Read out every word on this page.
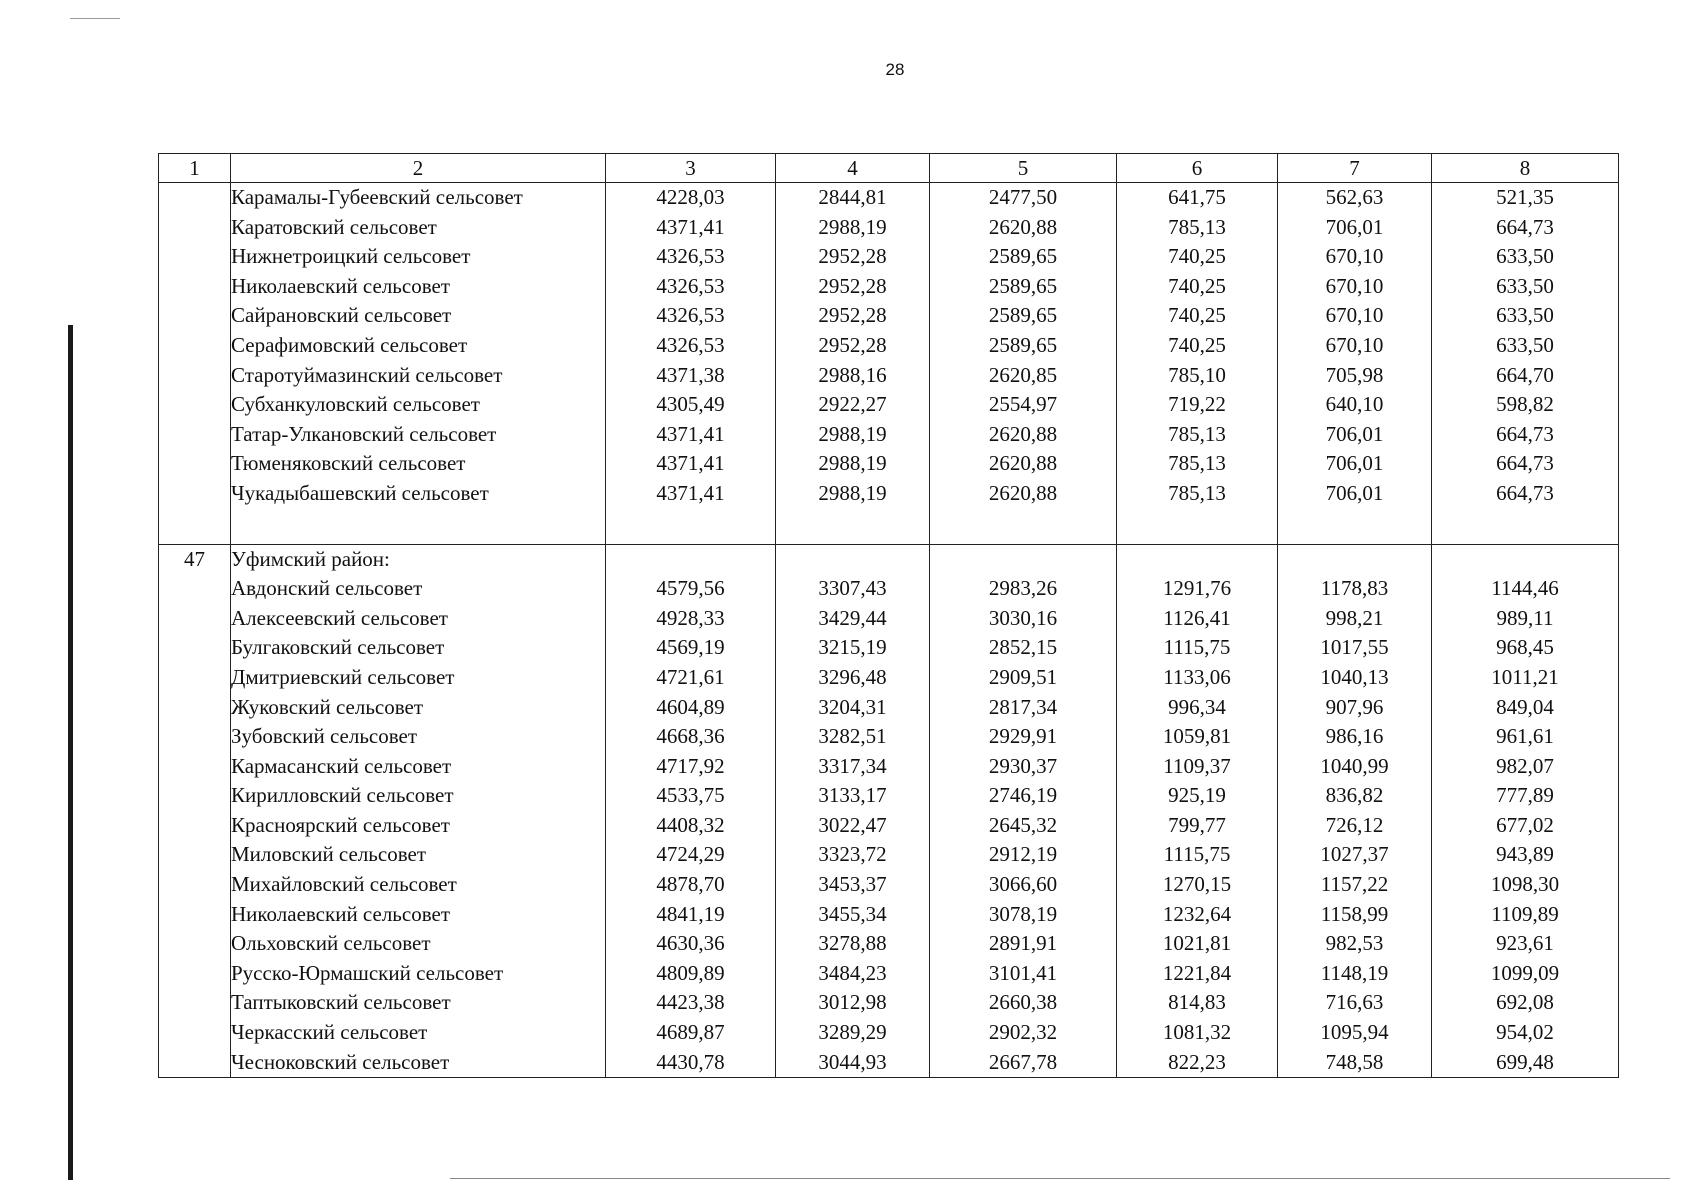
28
1	2	3	4	5	6	7	8
	Карамалы-Губеевский сельсовет	4228,03	2844,81	2477,50	641,75	562,63	521,35
	Каратовский сельсовет	4371,41	2988,19	2620,88	785,13	706,01	664,73
	Нижнетроицкий сельсовет	4326,53	2952,28	2589,65	740,25	670,10	633,50
	Николаевский сельсовет	4326,53	2952,28	2589,65	740,25	670,10	633,50
	Сайрановский сельсовет	4326,53	2952,28	2589,65	740,25	670,10	633,50
	Серафимовский сельсовет	4326,53	2952,28	2589,65	740,25	670,10	633,50
	Старотуймазинский сельсовет	4371,38	2988,16	2620,85	785,10	705,98	664,70
	Субханкуловский сельсовет	4305,49	2922,27	2554,97	719,22	640,10	598,82
	Татар-Улкановский сельсовет	4371,41	2988,19	2620,88	785,13	706,01	664,73
	Тюменяковский сельсовет	4371,41	2988,19	2620,88	785,13	706,01	664,73
	Чукадыбашевский сельсовет	4371,41	2988,19	2620,88	785,13	706,01	664,73

47	Уфимский район:						
	Авдонский сельсовет	4579,56	3307,43	2983,26	1291,76	1178,83	1144,46
	Алексеевский сельсовет	4928,33	3429,44	3030,16	1126,41	998,21	989,11
	Булгаковский сельсовет	4569,19	3215,19	2852,15	1115,75	1017,55	968,45
	Дмитриевский сельсовет	4721,61	3296,48	2909,51	1133,06	1040,13	1011,21
	Жуковский сельсовет	4604,89	3204,31	2817,34	996,34	907,96	849,04
	Зубовский сельсовет	4668,36	3282,51	2929,91	1059,81	986,16	961,61
	Кармасанский сельсовет	4717,92	3317,34	2930,37	1109,37	1040,99	982,07
	Кирилловский сельсовет	4533,75	3133,17	2746,19	925,19	836,82	777,89
	Красноярский сельсовет	4408,32	3022,47	2645,32	799,77	726,12	677,02
	Миловский сельсовет	4724,29	3323,72	2912,19	1115,75	1027,37	943,89
	Михайловский сельсовет	4878,70	3453,37	3066,60	1270,15	1157,22	1098,30
	Николаевский сельсовет	4841,19	3455,34	3078,19	1232,64	1158,99	1109,89
	Ольховский сельсовет	4630,36	3278,88	2891,91	1021,81	982,53	923,61
	Русско-Юрмашский сельсовет	4809,89	3484,23	3101,41	1221,84	1148,19	1099,09
	Таптыковский сельсовет	4423,38	3012,98	2660,38	814,83	716,63	692,08
	Черкасский сельсовет	4689,87	3289,29	2902,32	1081,32	1095,94	954,02
	Чесноковский сельсовет	4430,78	3044,93	2667,78	822,23	748,58	699,48
